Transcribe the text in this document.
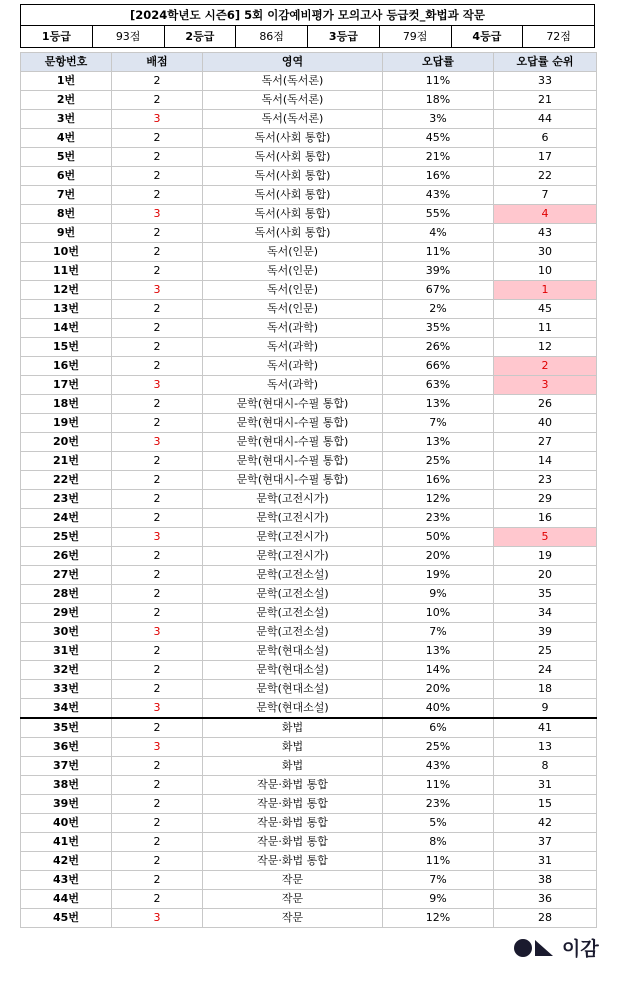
[2024학년도 시즌6] 5회 이감예비평가 모의고사 등급컷_화법과 작문
1등급	93점	2등급	86점	3등급	79점	4등급	72점
문항번호	배점	영역	오답률	오답률 순위
1번	2	독서(독서론)	11%	33
2번	2	독서(독서론)	18%	21
3번	3	독서(독서론)	3%	44
4번	2	독서(사회 통합)	45%	6
5번	2	독서(사회 통합)	21%	17
6번	2	독서(사회 통합)	16%	22
7번	2	독서(사회 통합)	43%	7
8번	3	독서(사회 통합)	55%	4
9번	2	독서(사회 통합)	4%	43
10번	2	독서(인문)	11%	30
11번	2	독서(인문)	39%	10
12번	3	독서(인문)	67%	1
13번	2	독서(인문)	2%	45
14번	2	독서(과학)	35%	11
15번	2	독서(과학)	26%	12
16번	2	독서(과학)	66%	2
17번	3	독서(과학)	63%	3
18번	2	문학(현대시-수필 통합)	13%	26
19번	2	문학(현대시-수필 통합)	7%	40
20번	3	문학(현대시-수필 통합)	13%	27
21번	2	문학(현대시-수필 통합)	25%	14
22번	2	문학(현대시-수필 통합)	16%	23
23번	2	문학(고전시가)	12%	29
24번	2	문학(고전시가)	23%	16
25번	3	문학(고전시가)	50%	5
26번	2	문학(고전시가)	20%	19
27번	2	문학(고전소설)	19%	20
28번	2	문학(고전소설)	9%	35
29번	2	문학(고전소설)	10%	34
30번	3	문학(고전소설)	7%	39
31번	2	문학(현대소설)	13%	25
32번	2	문학(현대소설)	14%	24
33번	2	문학(현대소설)	20%	18
34번	3	문학(현대소설)	40%	9
35번	2	화법	6%	41
36번	3	화법	25%	13
37번	2	화법	43%	8
38번	2	작문·화법 통합	11%	31
39번	2	작문·화법 통합	23%	15
40번	2	작문·화법 통합	5%	42
41번	2	작문·화법 통합	8%	37
42번	2	작문·화법 통합	11%	31
43번	2	작문	7%	38
44번	2	작문	9%	36
45번	3	작문	12%	28
이감
